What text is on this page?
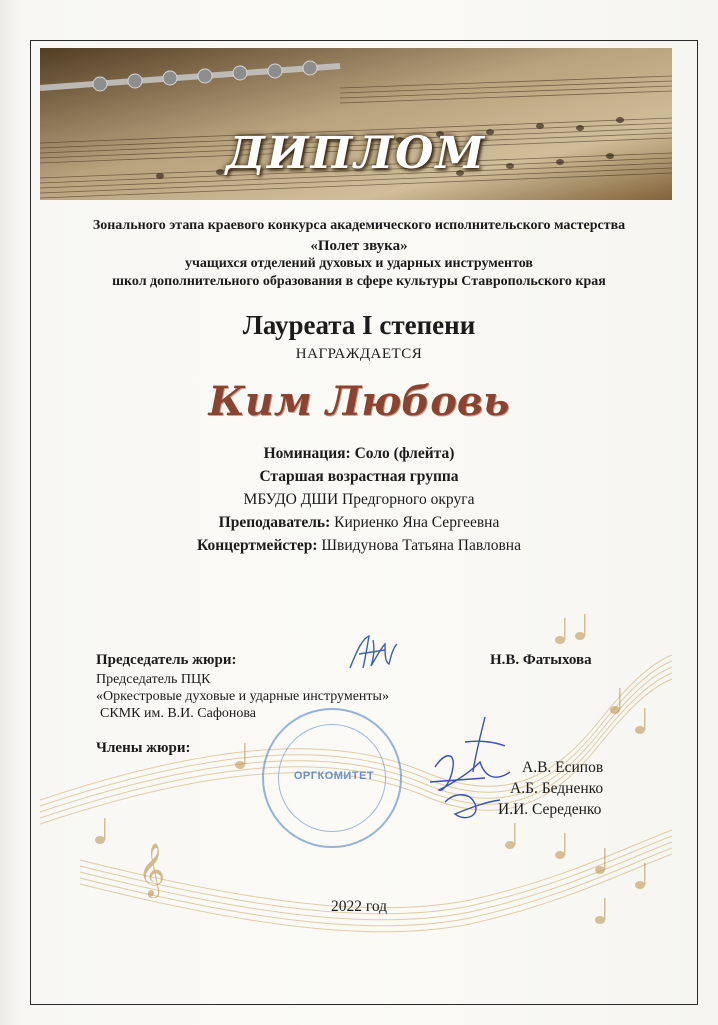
ДИПЛОМ
𝄞
Зонального этапа краевого конкурса академического исполнительского мастерства
«Полет звука»
учащихся отделений духовых и ударных инструментов
школ дополнительного образования в сфере культуры Ставропольского края
Лауреата I степени
НАГРАЖДАЕТСЯ
Ким Любовь
Номинация: Соло (флейта)
Старшая возрастная группа
МБУДО ДШИ Предгорного округа
Преподаватель: Кириенко Яна Сергеевна
Концертмейстер: Швидунова Татьяна Павловна
Председатель жюри:
Председатель ПЦК
«Оркестровые духовые и ударные инструменты»
СКМК им. В.И. Сафонова
Н.В. Фатыхова
Члены жюри:
А.В. Есипов
А.Б. Бедненко
И.И. Середенко
ОРГКОМИТЕТ
2022 год
